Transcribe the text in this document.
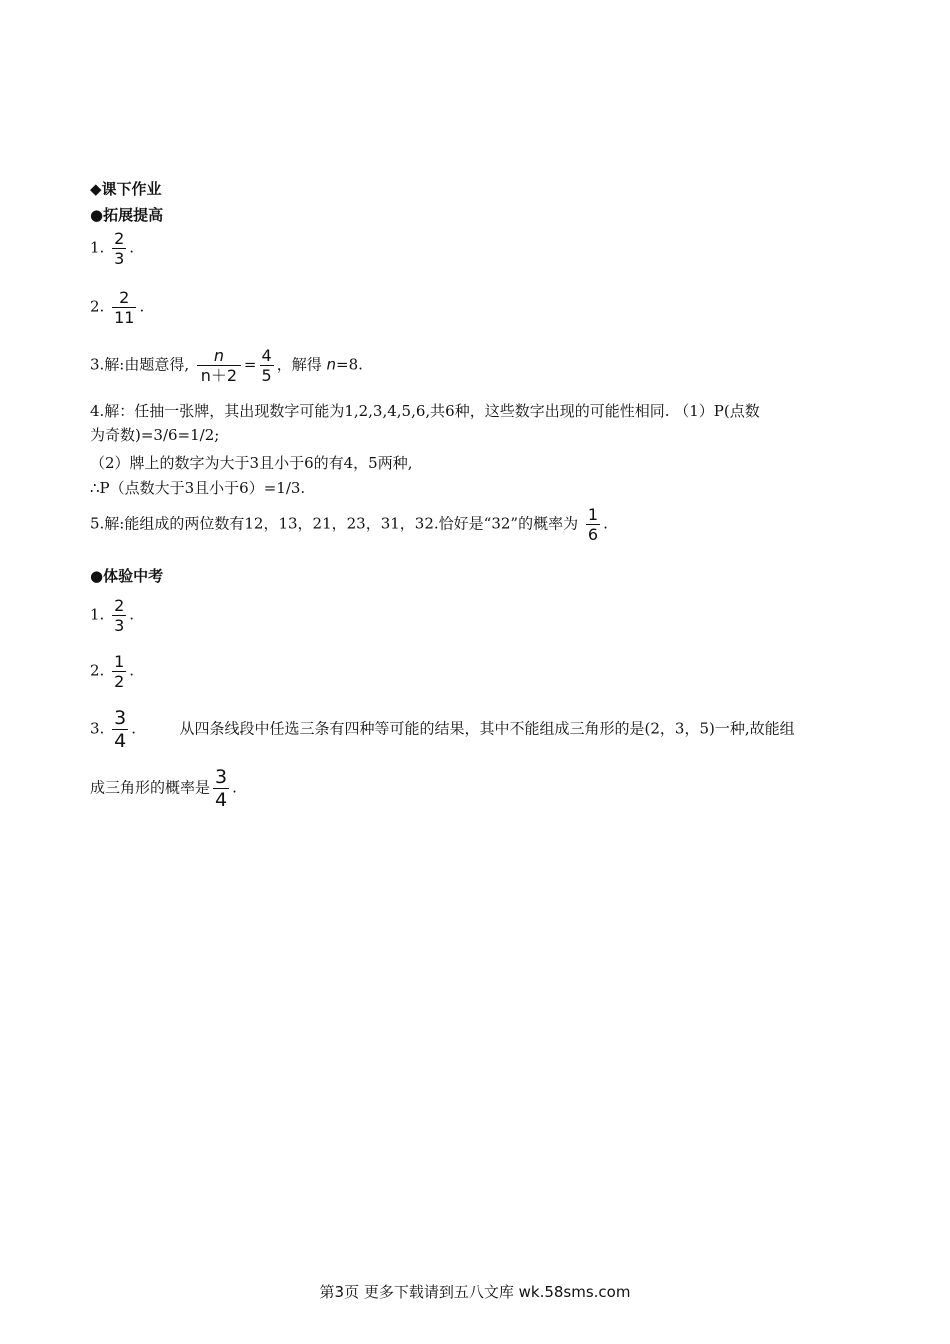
◆课下作业
●拓展提高
1. $\frac{2}{3}$ .
2. $\frac{2}{11}$ .
3.解:由题意得, $\frac{n}{n+2} = \frac{4}{5}$ ，解得 n=8.
4.解：任抽一张牌，其出现数字可能为1,2,3,4,5,6,共6种，这些数字出现的可能性相同. （1）P(点数
为奇数)=3/6=1/2;
（2）牌上的数字为大于3且小于6的有4，5两种,
∴P（点数大于3且小于6）=1/3.
5.解:能组成的两位数有12，13，21，23，31，32.恰好是“32”的概率为 $\frac{1}{6}$ .
●体验中考
1. $\frac{2}{3}$ .
2. $\frac{1}{2}$ .
3. $\frac{3}{4}$ .	从四条线段中任选三条有四种等可能的结果，其中不能组成三角形的是(2，3，5)一种,故能组
成三角形的概率是 $\frac{3}{4}$ .
第3页 更多下载请到五八文库 wk.58sms.com
